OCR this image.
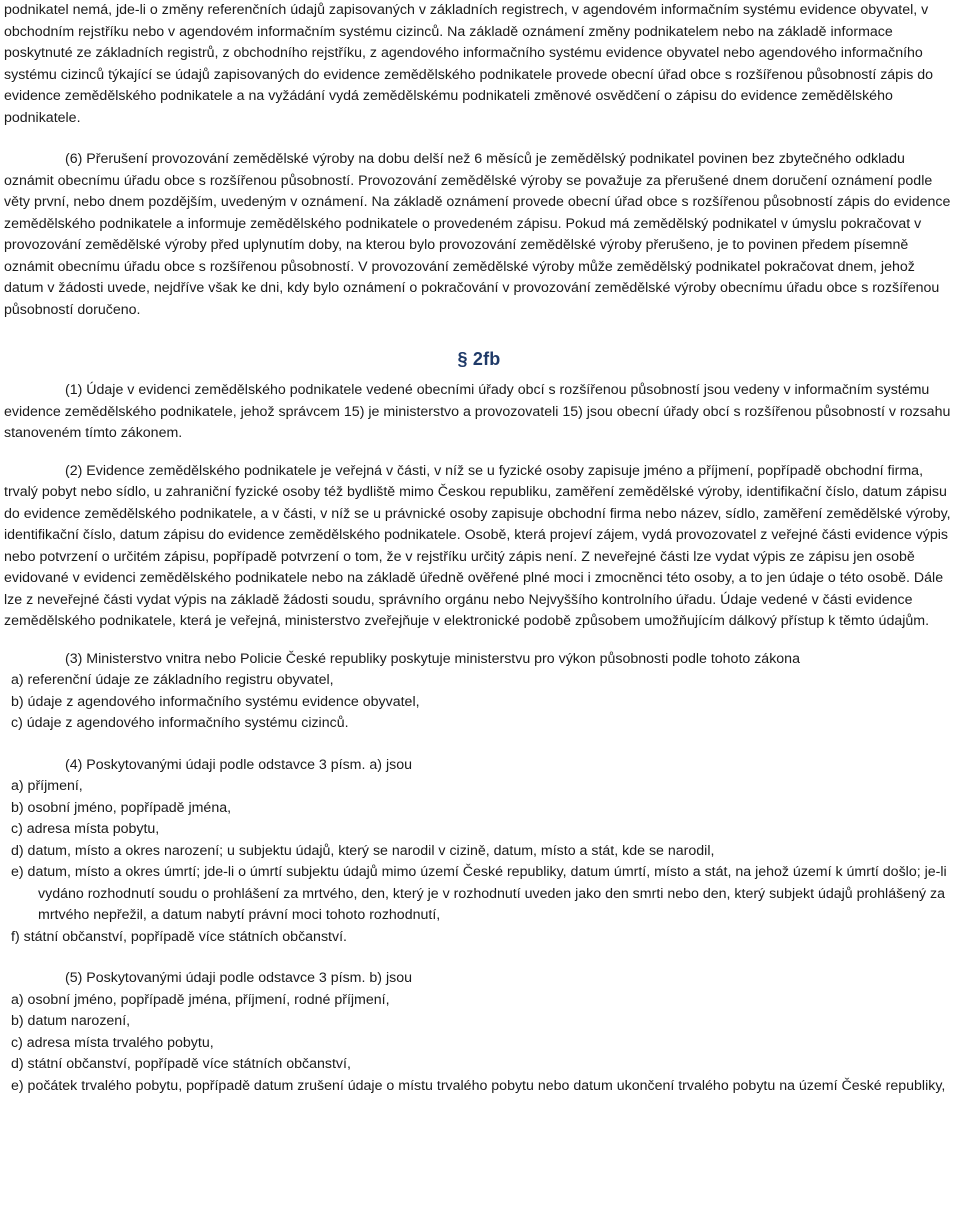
podnikatel nemá, jde-li o změny referenčních údajů zapisovaných v základních registrech, v agendovém informačním systému evidence obyvatel, v obchodním rejstříku nebo v agendovém informačním systému cizinců. Na základě oznámení změny podnikatelem nebo na základě informace poskytnuté ze základních registrů, z obchodního rejstříku, z agendového informačního systému evidence obyvatel nebo agendového informačního systému cizinců týkající se údajů zapisovaných do evidence zemědělského podnikatele provede obecní úřad obce s rozšířenou působností zápis do evidence zemědělského podnikatele a na vyžádání vydá zemědělskému podnikateli změnové osvědčení o zápisu do evidence zemědělského podnikatele.

(6) Přerušení provozování zemědělské výroby na dobu delší než 6 měsíců je zemědělský podnikatel povinen bez zbytečného odkladu oznámit obecnímu úřadu obce s rozšířenou působností. Provozování zemědělské výroby se považuje za přerušené dnem doručení oznámení podle věty první, nebo dnem pozdějším, uvedeným v oznámení. Na základě oznámení provede obecní úřad obce s rozšířenou působností zápis do evidence zemědělského podnikatele a informuje zemědělského podnikatele o provedeném zápisu. Pokud má zemědělský podnikatel v úmyslu pokračovat v provozování zemědělské výroby před uplynutím doby, na kterou bylo provozování zemědělské výroby přerušeno, je to povinen předem písemně oznámit obecnímu úřadu obce s rozšířenou působností. V provozování zemědělské výroby může zemědělský podnikatel pokračovat dnem, jehož datum v žádosti uvede, nejdříve však ke dni, kdy bylo oznámení o pokračování v provozování zemědělské výroby obecnímu úřadu obce s rozšířenou působností doručeno.

§ 2fb

(1) Údaje v evidenci zemědělského podnikatele vedené obecními úřady obcí s rozšířenou působností jsou vedeny v informačním systému evidence zemědělského podnikatele, jehož správcem 15) je ministerstvo a provozovateli 15) jsou obecní úřady obcí s rozšířenou působností v rozsahu stanoveném tímto zákonem.

(2) Evidence zemědělského podnikatele je veřejná v části, v níž se u fyzické osoby zapisuje jméno a příjmení, popřípadě obchodní firma, trvalý pobyt nebo sídlo, u zahraniční fyzické osoby též bydliště mimo Českou republiku, zaměření zemědělské výroby, identifikační číslo, datum zápisu do evidence zemědělského podnikatele, a v části, v níž se u právnické osoby zapisuje obchodní firma nebo název, sídlo, zaměření zemědělské výroby, identifikační číslo, datum zápisu do evidence zemědělského podnikatele. Osobě, která projeví zájem, vydá provozovatel z veřejné části evidence výpis nebo potvrzení o určitém zápisu, popřípadě potvrzení o tom, že v rejstříku určitý zápis není. Z neveřejné části lze vydat výpis ze zápisu jen osobě evidované v evidenci zemědělského podnikatele nebo na základě úředně ověřené plné moci i zmocněnci této osoby, a to jen údaje o této osobě. Dále lze z neveřejné části vydat výpis na základě žádosti soudu, správního orgánu nebo Nejvyššího kontrolního úřadu. Údaje vedené v části evidence zemědělského podnikatele, která je veřejná, ministerstvo zveřejňuje v elektronické podobě způsobem umožňujícím dálkový přístup k těmto údajům.

(3) Ministerstvo vnitra nebo Policie České republiky poskytuje ministerstvu pro výkon působnosti podle tohoto zákona

a) referenční údaje ze základního registru obyvatel,

b) údaje z agendového informačního systému evidence obyvatel,

c) údaje z agendového informačního systému cizinců.

(4) Poskytovanými údaji podle odstavce 3 písm. a) jsou

a) příjmení,

b) osobní jméno, popřípadě jména,

c) adresa místa pobytu,

d) datum, místo a okres narození; u subjektu údajů, který se narodil v cizině, datum, místo a stát, kde se narodil,

e) datum, místo a okres úmrtí; jde-li o úmrtí subjektu údajů mimo území České republiky, datum úmrtí, místo a stát, na jehož území k úmrtí došlo; je-li vydáno rozhodnutí soudu o prohlášení za mrtvého, den, který je v rozhodnutí uveden jako den smrti nebo den, který subjekt údajů prohlášený za mrtvého nepřežil, a datum nabytí právní moci tohoto rozhodnutí,

f) státní občanství, popřípadě více státních občanství.

(5) Poskytovanými údaji podle odstavce 3 písm. b) jsou

a) osobní jméno, popřípadě jména, příjmení, rodné příjmení,

b) datum narození,

c) adresa místa trvalého pobytu,

d) státní občanství, popřípadě více státních občanství,

e) počátek trvalého pobytu, popřípadě datum zrušení údaje o místu trvalého pobytu nebo datum ukončení trvalého pobytu na území České republiky,
